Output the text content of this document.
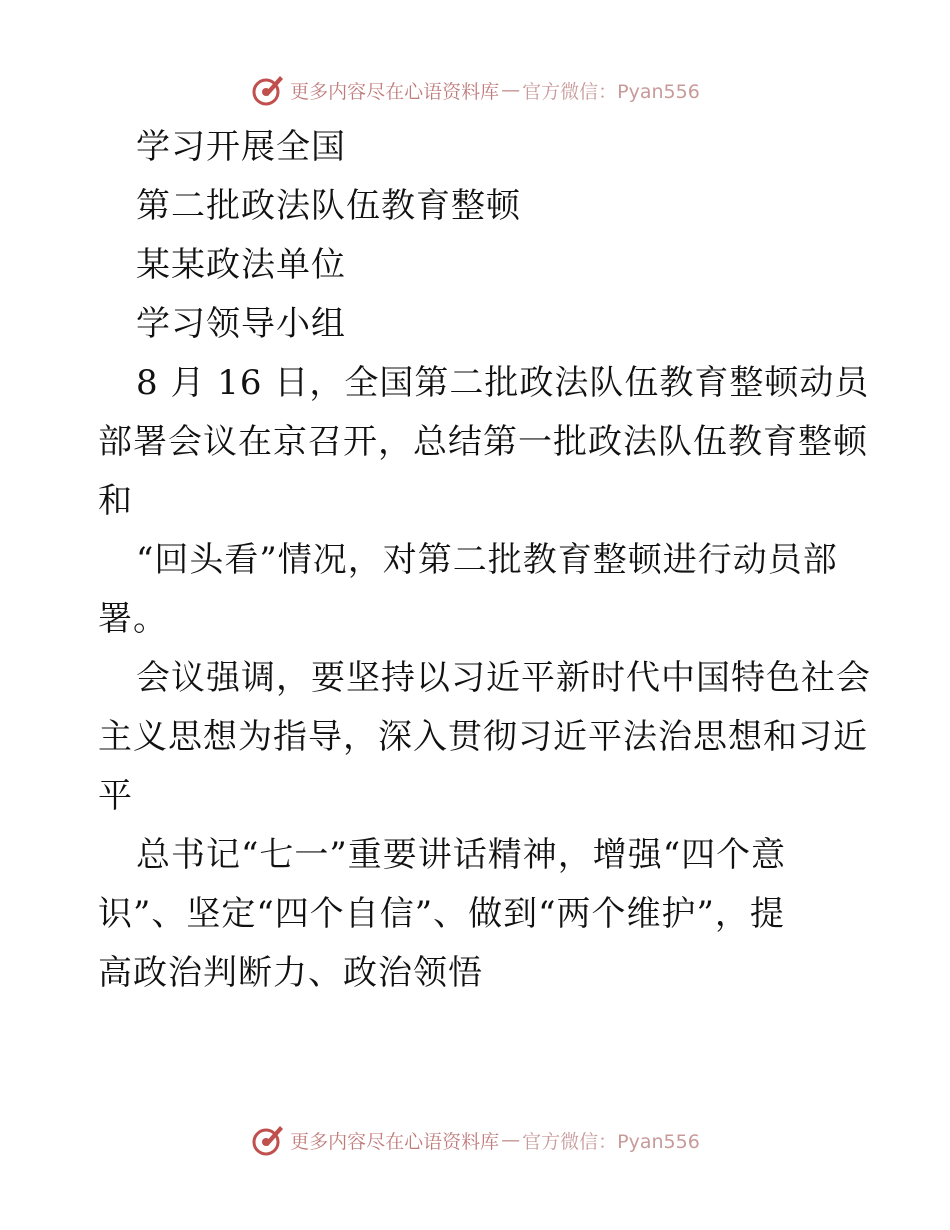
更多内容尽在心语资料库 — 官方微信：Pyan556
学习开展全国
第二批政法队伍教育整顿
某某政法单位
学习领导小组
8 月 16 日，全国第二批政法队伍教育整顿动员
部署会议在京召开，总结第一批政法队伍教育整顿
和
“回头看”情况，对第二批教育整顿进行动员部
署。
会议强调，要坚持以习近平新时代中国特色社会
主义思想为指导，深入贯彻习近平法治思想和习近
平
总书记“七一”重要讲话精神，增强“四个意
识”、坚定“四个自信”、做到“两个维护”，提
高政治判断力、政治领悟
更多内容尽在心语资料库 — 官方微信：Pyan556
